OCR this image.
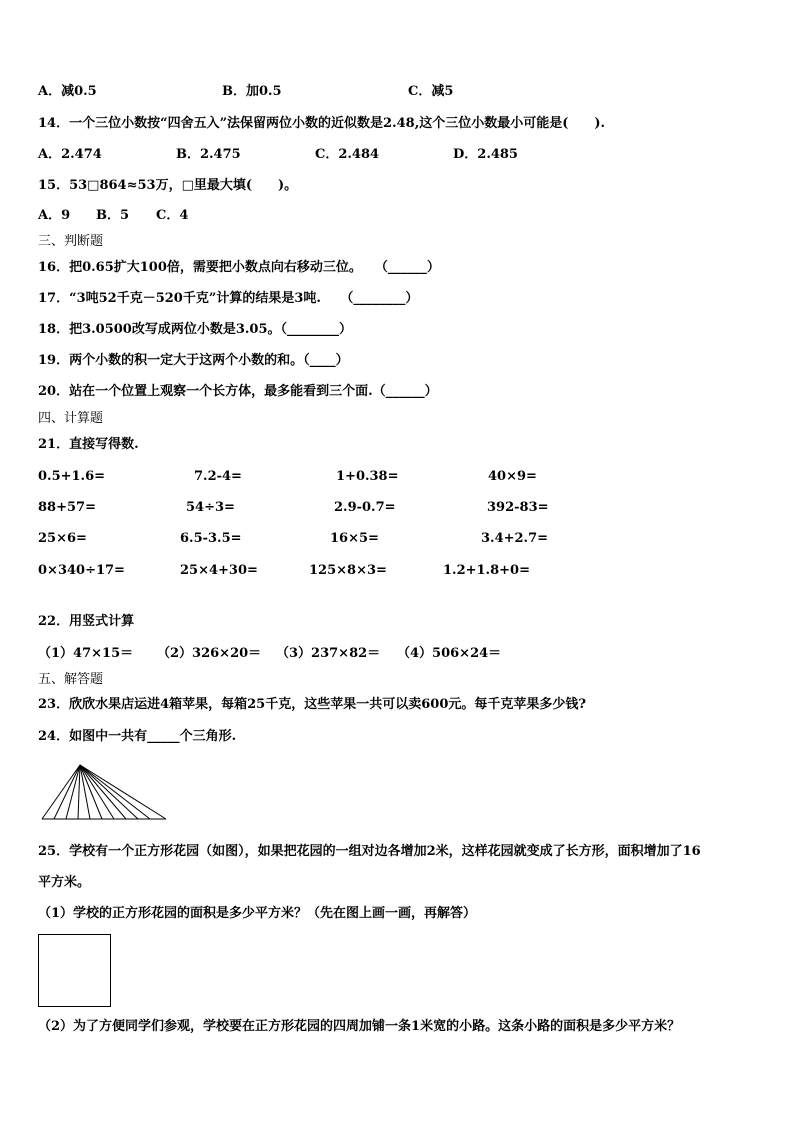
A．减0.5	B．加0.5	C．减5
14．一个三位小数按“四舍五入”法保留两位小数的近似数是2.48,这个三位小数最小可能是(　　).
A．2.474	B．2.475	C．2.484	D．2.485
15．53□864≈53万，□里最大填(　　)。
A．9 B．5 C．4
三、判断题
16．把0.65扩大100倍，需要把小数点向右移动三位。　　（______）
17．“3吨52千克－520千克”计算的结果是3吨.　　（________）
18．把3.0500改写成两位小数是3.05。（________）
19．两个小数的积一定大于这两个小数的和。（____）
20．站在一个位置上观察一个长方体，最多能看到三个面.（______）
四、计算题
21．直接写得数.
0.5+1.6=	7.2-4=	1+0.38=	40×9=
88+57=	54÷3=	2.9-0.7=	392-83=
25×6=	6.5-3.5=	16×5=	3.4+2.7=
0×340÷17=	25×4+30=	125×8×3=	1.2+1.8+0=
22．用竖式计算
（1）47×15＝ （2）326×20＝ （3）237×82＝ （4）506×24＝
五、解答题
23．欣欣水果店运进4箱苹果，每箱25千克，这些苹果一共可以卖600元。每千克苹果多少钱?
24．如图中一共有_____个三角形.
25．学校有一个正方形花园（如图），如果把花园的一组对边各增加2米，这样花园就变成了长方形，面积增加了16
平方米。
（1）学校的正方形花园的面积是多少平方米？（先在图上画一画，再解答）
（2）为了方便同学们参观，学校要在正方形花园的四周加铺一条1米宽的小路。这条小路的面积是多少平方米？
